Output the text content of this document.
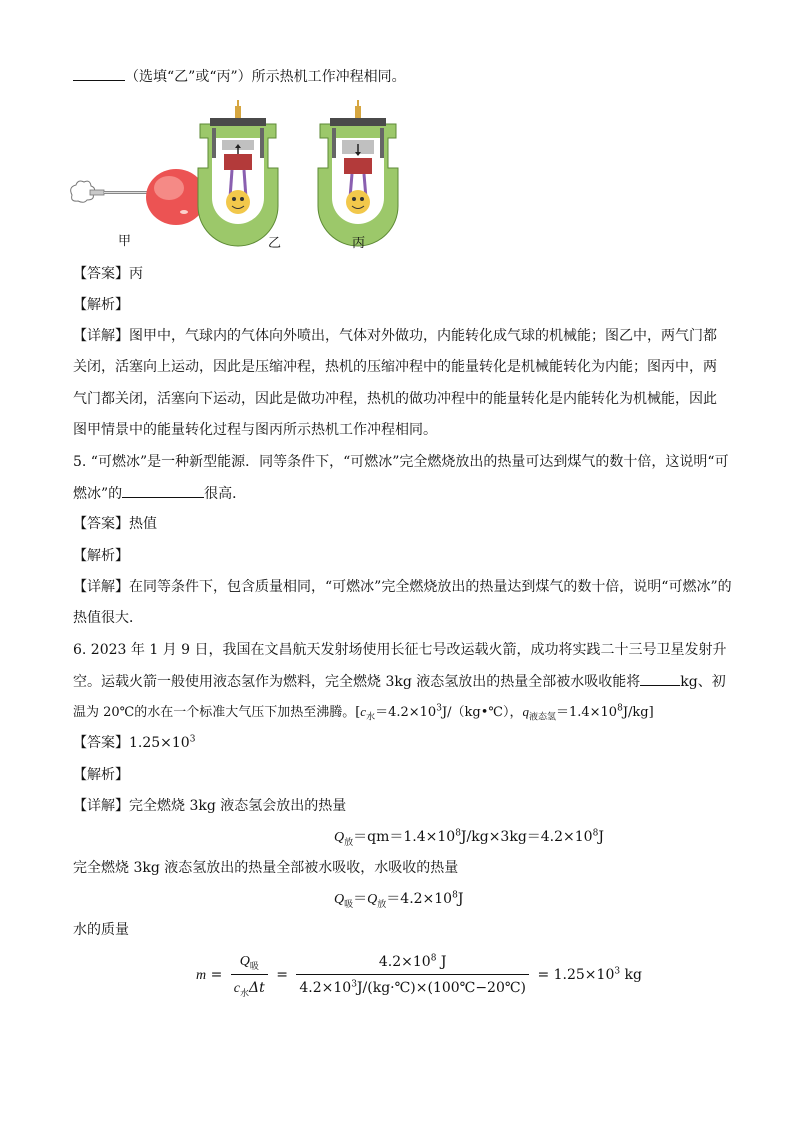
（选填“乙”或“丙”）所示热机工作冲程相同。
甲	乙	丙
【答案】丙
【解析】
【详解】图甲中，气球内的气体向外喷出，气体对外做功，内能转化成气球的机械能；图乙中，两气门都
关闭，活塞向上运动，因此是压缩冲程，热机的压缩冲程中的能量转化是机械能转化为内能；图丙中，两
气门都关闭，活塞向下运动，因此是做功冲程，热机的做功冲程中的能量转化是内能转化为机械能，因此
图甲情景中的能量转化过程与图丙所示热机工作冲程相同。
5. “可燃冰”是一种新型能源．同等条件下，“可燃冰”完全燃烧放出的热量可达到煤气的数十倍，这说明“可
燃冰”的	很高．
【答案】热值
【解析】
【详解】在同等条件下，包含质量相同，“可燃冰”完全燃烧放出的热量达到煤气的数十倍，说明“可燃冰”的
热值很大．
6. 2023 年 1 月 9 日，我国在文昌航天发射场使用长征七号改运载火箭，成功将实践二十三号卫星发射升
空。运载火箭一般使用液态氢作为燃料，完全燃烧 3kg 液态氢放出的热量全部被水吸收能将	kg、初
温为 20℃的水在一个标准大气压下加热至沸腾。[$c_水=4.2\times 10^3J/(kg•℃)$，$q_{液态氢}=1.4\times 10^8J/kg$]
【答案】$1.25\times 10^3$
【解析】
【详解】完全燃烧 3kg 液态氢会放出的热量
$Q_放=qm=1.4\times 10^8J/kg\times 3kg=4.2\times 10^8J$
完全燃烧 3kg 液态氢放出的热量全部被水吸收，水吸收的热量
$Q_吸=Q_放=4.2\times 10^8J$
水的质量
$m = \frac{Q_吸}{c_水\Delta t} = \frac{4.2\times 10^8 J}{4.2\times 10^3J/(kg\cdot℃)\times(100℃-20℃)} = 1.25\times 10^3$ kg
